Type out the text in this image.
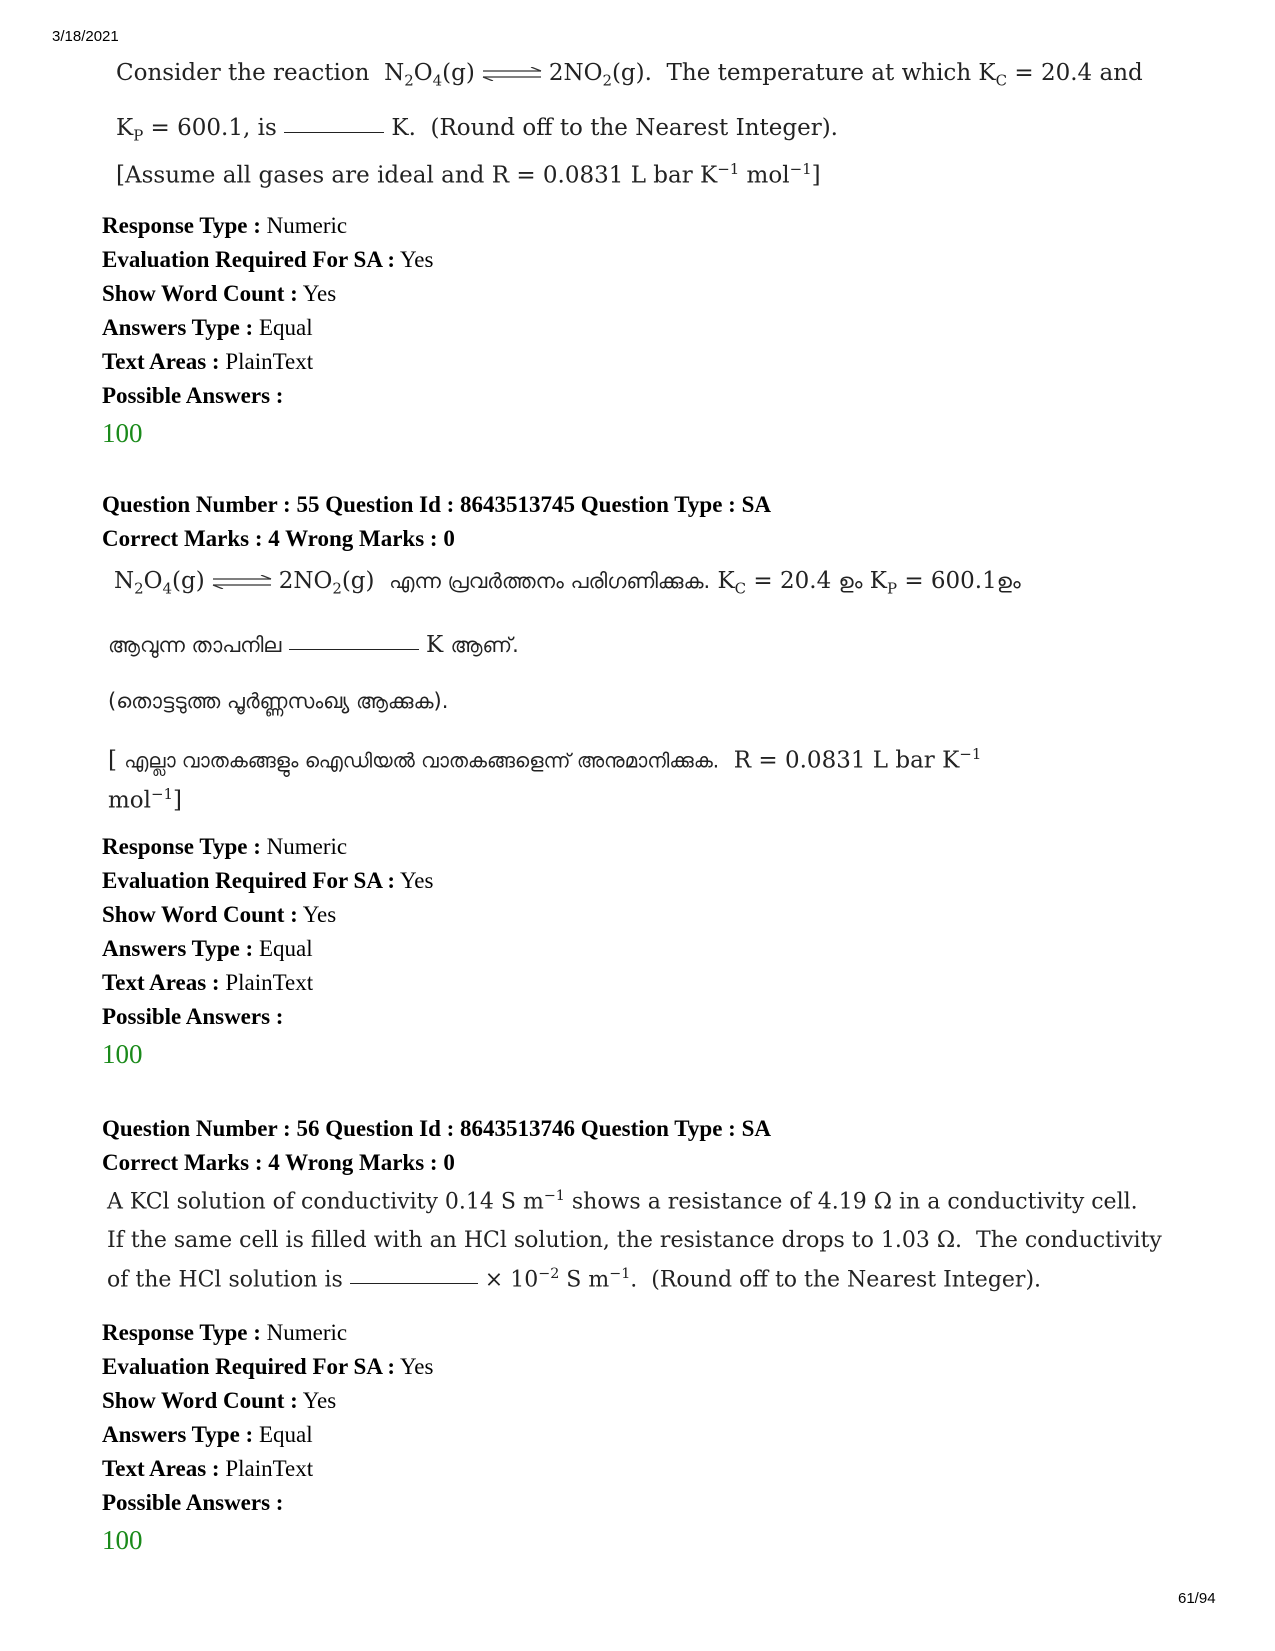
3/18/2021
Consider the reaction  $N_2O_4(g)$ ⇌ $2NO_2(g)$.  The temperature at which $K_C = 20.4$ and
$K_P = 600.1$, is	K.  (Round off to the Nearest Integer).
[Assume all gases are ideal and R = 0.0831 L bar $K^{-1}$ mol$^{-1}$]
Response Type : Numeric
Evaluation Required For SA : Yes
Show Word Count : Yes
Answers Type : Equal
Text Areas : PlainText
Possible Answers :
100
Question Number : 55 Question Id : 8643513745 Question Type : SA
Correct Marks : 4 Wrong Marks : 0
$N_2O_4(g)$ ⇌ $2NO_2(g)$  എന്ന പ്രവർത്തനം പരിഗണിക്കുക. $K_C = 20.4$ ഉം $K_P$ = 600.1ഉം
ആവുന്ന താപനില	K ആണ്.
(തൊട്ടടുത്ത പൂർണ്ണസംഖ്യ ആക്കുക).
[ എല്ലാ വാതകങ്ങളും ഐഡിയൽ വാതകങ്ങളെന്ന് അനുമാനിക്കുക.  R = 0.0831 L bar $K^{-1}$
mol$^{-1}$]
Response Type : Numeric
Evaluation Required For SA : Yes
Show Word Count : Yes
Answers Type : Equal
Text Areas : PlainText
Possible Answers :
100
Question Number : 56 Question Id : 8643513746 Question Type : SA
Correct Marks : 4 Wrong Marks : 0
A KCl solution of conductivity 0.14 S $m^{-1}$ shows a resistance of 4.19 Ω in a conductivity cell.
If the same cell is filled with an HCl solution, the resistance drops to 1.03 Ω.  The conductivity
of the HCl solution is	× $10^{-2}$ S $m^{-1}$.  (Round off to the Nearest Integer).
Response Type : Numeric
Evaluation Required For SA : Yes
Show Word Count : Yes
Answers Type : Equal
Text Areas : PlainText
Possible Answers :
100
61/94
